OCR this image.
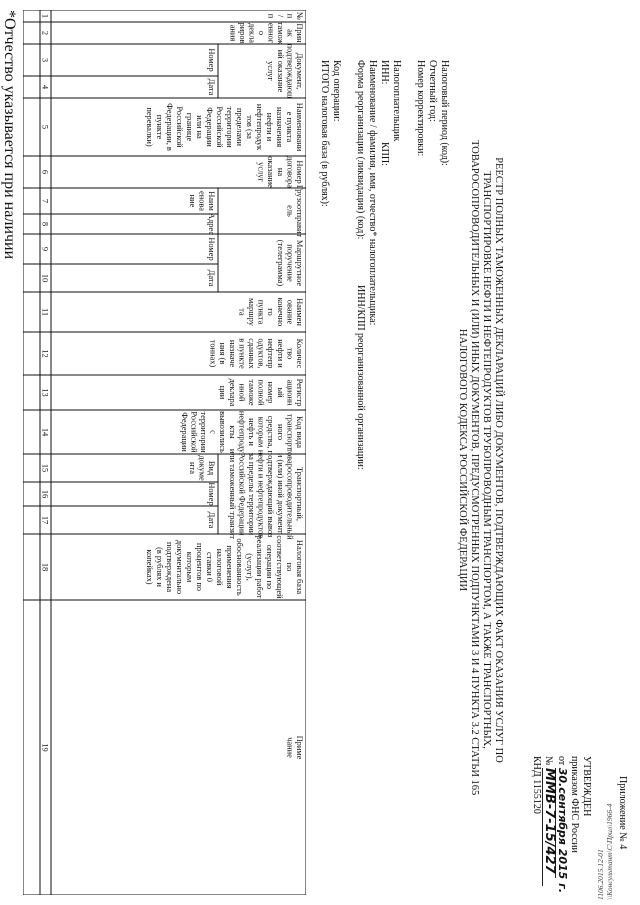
Приложение № 4
УТВЕРЖДЕН
приказом ФНС России
от 30.сентября 2015 г.
№ ММВ-7-15/427
КНД 1155120
РЕЕСТР ПОЛНЫХ ТАМОЖЕННЫХ ДЕКЛАРАЦИЙ ЛИБО ДОКУМЕНТОВ, ПОДТВЕРЖДАЮЩИХ ФАКТ ОКАЗАНИЯ УСЛУГ ПО
ТРАНСПОРТИРОВКЕ НЕФТИ И НЕФТЕПРОДУКТОВ ТРУБОПРОВОДНЫМ ТРАНСПОРТОМ, А ТАКЖЕ ТРАНСПОРТНЫХ,
ТОВАРОСОПРОВОДИТЕЛЬНЫХ И (ИЛИ) ИНЫХ ДОКУМЕНТОВ, ПРЕДУСМОТРЕННЫХ ПОДПУНКТАМИ 3 И 4 ПУНКТА 3.2 СТАТЬИ 165
НАЛОГОВОГО КОДЕКСА РОССИЙСКОЙ ФЕДЕРАЦИИ
Налоговый период (код):
Отчетный год:
Номер корректировки:
Налогоплательщик
ИНН:
КПП:
Наименование / фамилия, имя, отчество* налогоплательщика:
Форма реорганизации (ликвидация) (код):
ИНН/КПП реорганизованной организации:
Код операции:
ИТОГО налоговая база (в рублях):
№
п
/
п
Прин
ак
тамож
енног
о
декла
риров
ания
Документ,
подтверждающ
ий оказание
услуг
Номер
Дата
Наименовани
е пункта
назначения
нефти и
нефтепродук
тов (за
пределами
территории
Российской
Федерации
или на
границе
Российской
Федерации, в
пункте
перевалки)
Номер
договора
на
оказание
услуг
Грузоотправит
ель
Наим
енова
ние
Адрес
Маршрутное
поручение
(телеграмма)
Номер
Дата
Наимен
ование
конечно
го
пункта
маршру
та
Количес
тво
нефти и
нефтепр
одуктов,
сданных
в пункте
назначе
ния (в
тоннах)
Регистр
ационн
ый
номер
полной
таможе
нной
деклара
ции
Код вида
транспорт
ного
средства,
которым
нефть и
нефтепроду
кты
вывозились
с
территории
Российской
Федерации
Транспортный,
товаросопроводительный
и (или) иной документ,
подтверждающий вывоз
нефти и нефтепродуктов
за пределы территории
Российской Федерации
или таможенный транзит
Вид
докуме
нта
Номер
Дата
Налоговая база
по
соответствующей
операции по
реализации работ
(услуг),
обоснованность
применения
налоговой
ставки 0
процентов по
которым
документально
подтверждена
(в рублях и
копейках)
Приме
чание
1
2
3
4
5
6
7
8
9
10
11
12
13
14
15
16
17
18
19
*Отчество указывается при наличии
1106.2015.12-01 \\Консультант\С\Прил\1966-4
